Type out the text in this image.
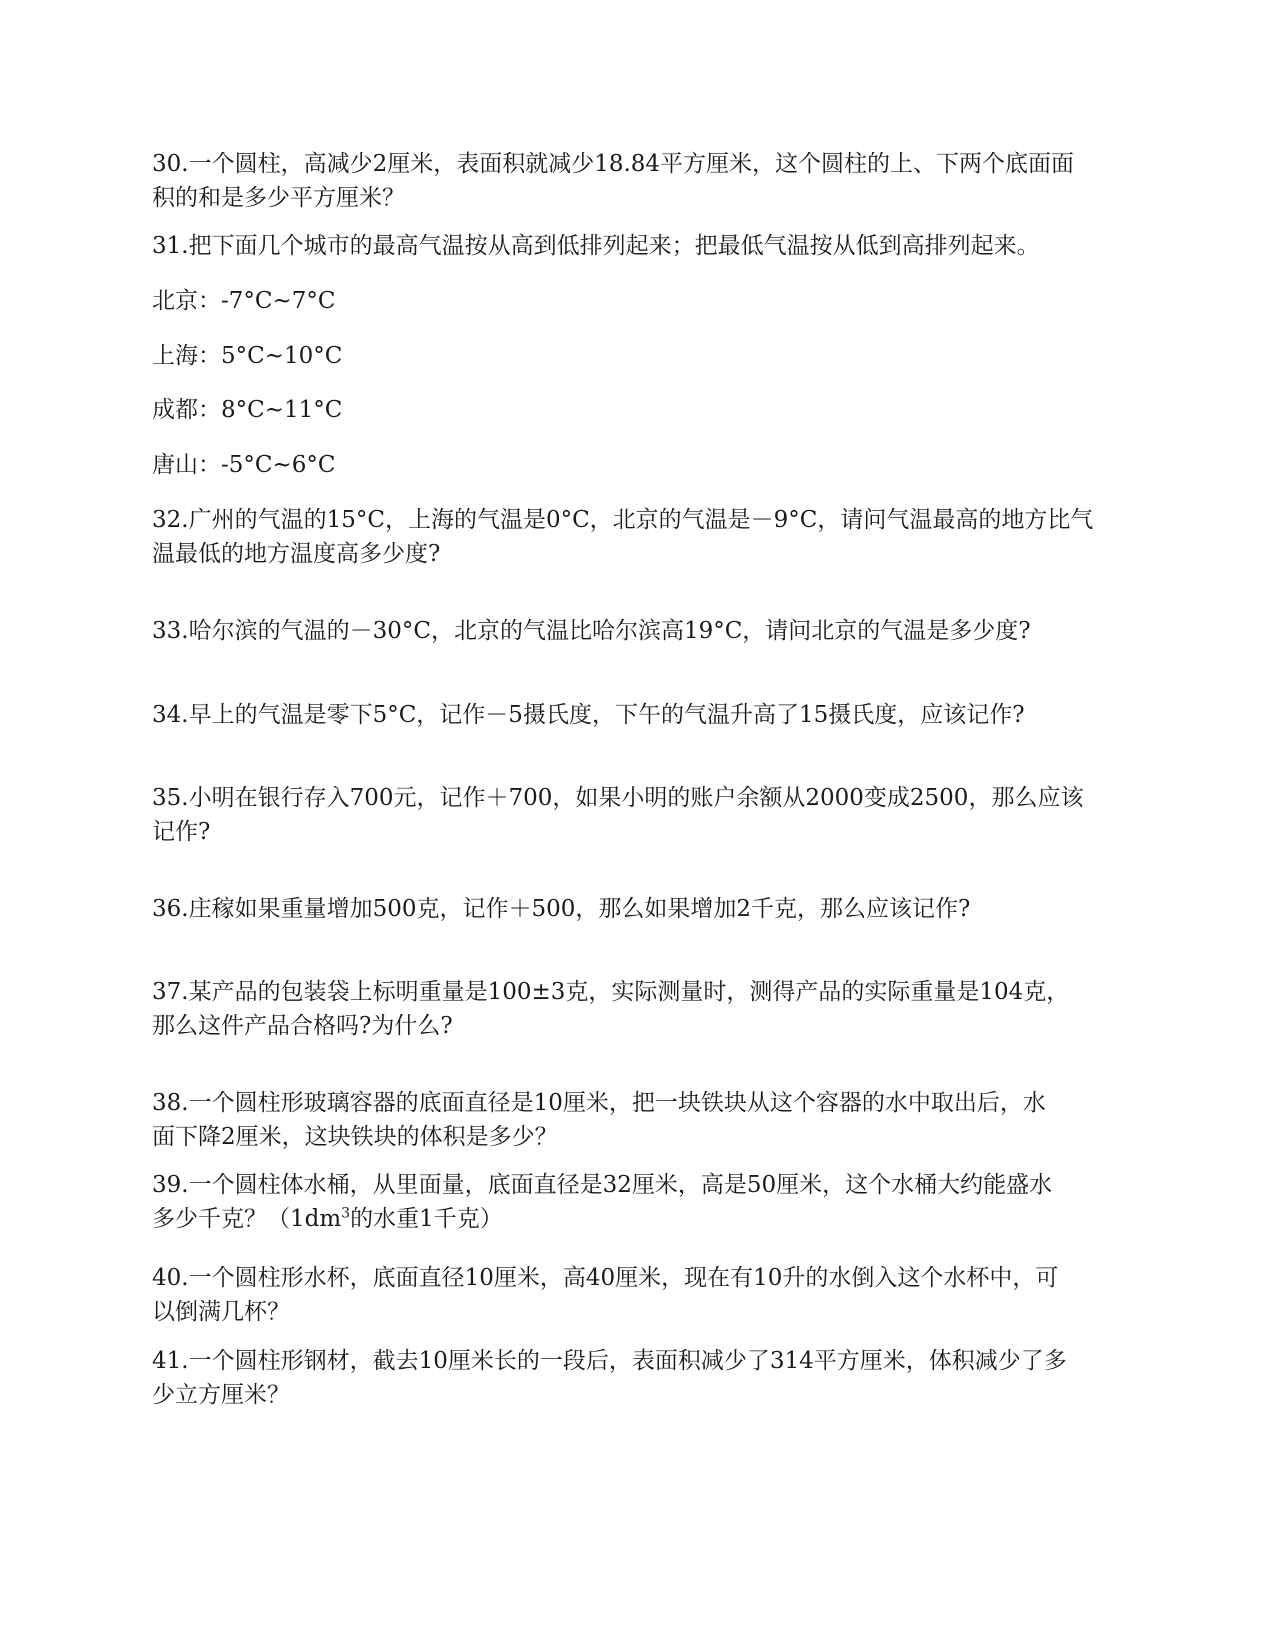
30.一个圆柱，高减少2厘米，表面积就减少18.84平方厘米，这个圆柱的上、下两个底面面
积的和是多少平方厘米？

31.把下面几个城市的最高气温按从高到低排列起来；把最低气温按从低到高排列起来。

北京：-7°C~7°C

上海：5°C~10°C

成都：8°C~11°C

唐山：-5°C~6°C

32.广州的气温的15°C，上海的气温是0°C，北京的气温是－9°C，请问气温最高的地方比气
温最低的地方温度高多少度?

33.哈尔滨的气温的－30°C，北京的气温比哈尔滨高19°C，请问北京的气温是多少度?

34.早上的气温是零下5°C，记作－5摄氏度，下午的气温升高了15摄氏度，应该记作?

35.小明在银行存入700元，记作＋700，如果小明的账户余额从2000变成2500，那么应该
记作?

36.庄稼如果重量增加500克，记作＋500，那么如果增加2千克，那么应该记作?

37.某产品的包装袋上标明重量是100±3克，实际测量时，测得产品的实际重量是104克，
那么这件产品合格吗?为什么?

38.一个圆柱形玻璃容器的底面直径是10厘米，把一块铁块从这个容器的水中取出后，水
面下降2厘米，这块铁块的体积是多少？

39.一个圆柱体水桶，从里面量，底面直径是32厘米，高是50厘米，这个水桶大约能盛水
多少千克？（$1dm^3$的水重1千克）

40.一个圆柱形水杯，底面直径10厘米，高40厘米，现在有10升的水倒入这个水杯中，可
以倒满几杯？

41.一个圆柱形钢材，截去10厘米长的一段后，表面积减少了314平方厘米，体积减少了多
少立方厘米？
